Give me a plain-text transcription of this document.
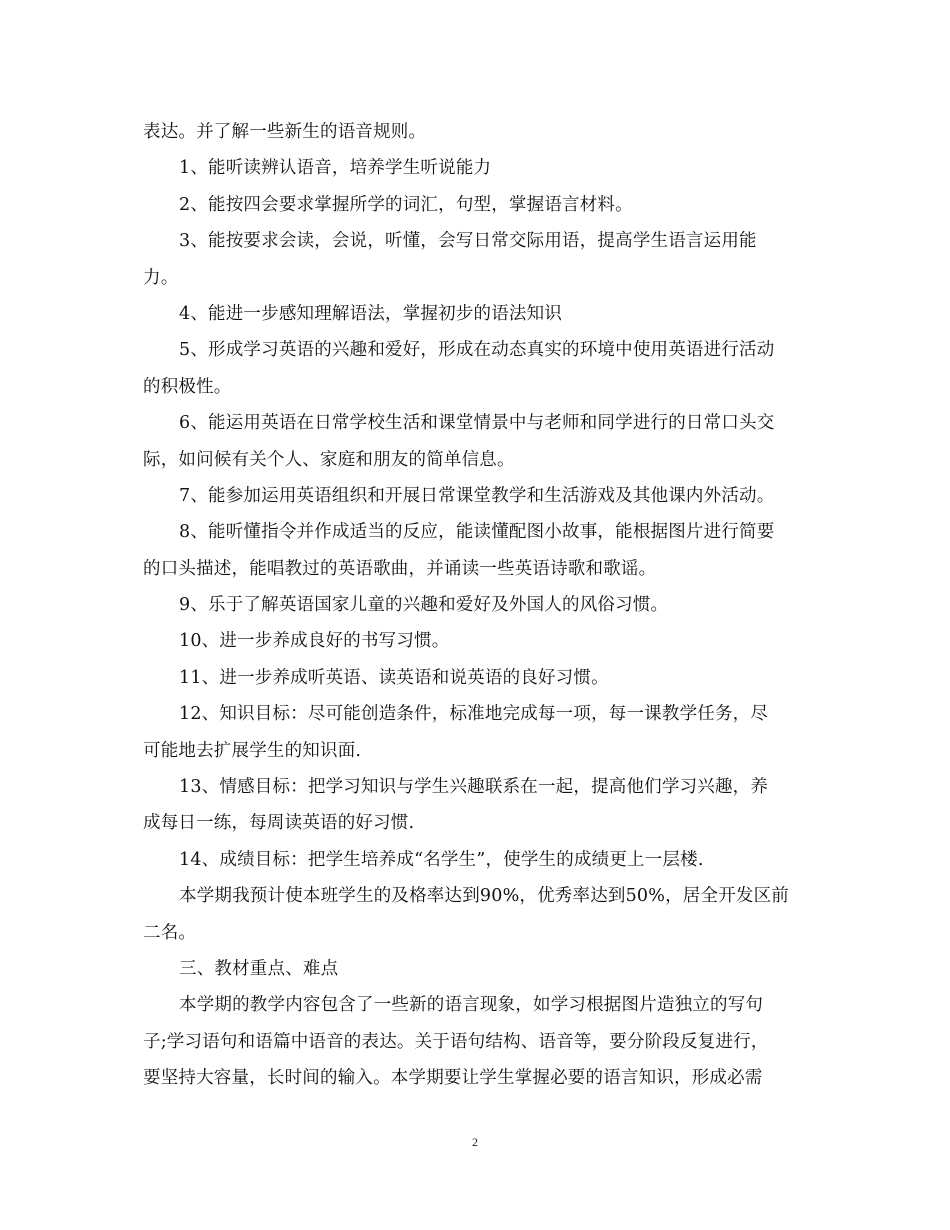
表达。并了解一些新生的语音规则。
1、能听读辨认语音，培养学生听说能力
2、能按四会要求掌握所学的词汇，句型，掌握语言材料。
3、能按要求会读，会说，听懂，会写日常交际用语，提高学生语言运用能
力。
4、能进一步感知理解语法，掌握初步的语法知识
5、形成学习英语的兴趣和爱好，形成在动态真实的环境中使用英语进行活动
的积极性。
6、能运用英语在日常学校生活和课堂情景中与老师和同学进行的日常口头交
际，如问候有关个人、家庭和朋友的简单信息。
7、能参加运用英语组织和开展日常课堂教学和生活游戏及其他课内外活动。
8、能听懂指令并作成适当的反应，能读懂配图小故事，能根据图片进行简要
的口头描述，能唱教过的英语歌曲，并诵读一些英语诗歌和歌谣。
9、乐于了解英语国家儿童的兴趣和爱好及外国人的风俗习惯。
10、进一步养成良好的书写习惯。
11、进一步养成听英语、读英语和说英语的良好习惯。
12、知识目标：尽可能创造条件，标准地完成每一项，每一课教学任务，尽
可能地去扩展学生的知识面.
13、情感目标：把学习知识与学生兴趣联系在一起，提高他们学习兴趣，养
成每日一练，每周读英语的好习惯.
14、成绩目标：把学生培养成“名学生”，使学生的成绩更上一层楼.
本学期我预计使本班学生的及格率达到90%，优秀率达到50%，居全开发区前
二名。
三、教材重点、难点
本学期的教学内容包含了一些新的语言现象，如学习根据图片造独立的写句
子;学习语句和语篇中语音的表达。关于语句结构、语音等，要分阶段反复进行，
要坚持大容量，长时间的输入。本学期要让学生掌握必要的语言知识，形成必需
2
